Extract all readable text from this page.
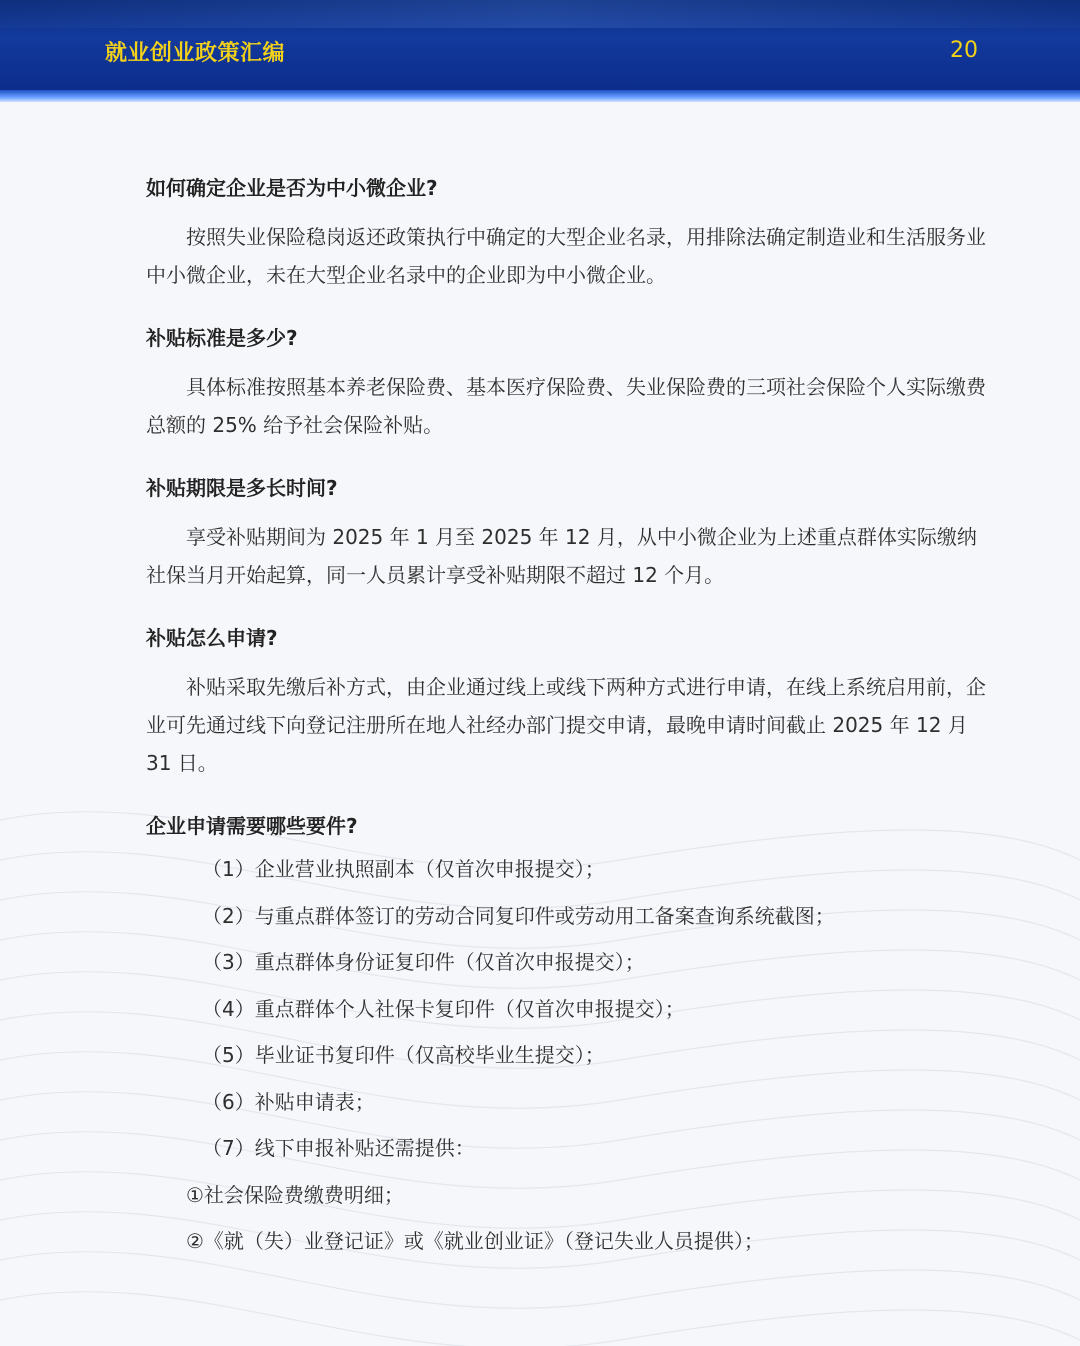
就业创业政策汇编	20
如何确定企业是否为中小微企业?

按照失业保险稳岗返还政策执行中确定的大型企业名录，用排除法确定制造业和生活服务业中小微企业，未在大型企业名录中的企业即为中小微企业。

补贴标准是多少?

具体标准按照基本养老保险费、基本医疗保险费、失业保险费的三项社会保险个人实际缴费总额的 25% 给予社会保险补贴。

补贴期限是多长时间?

享受补贴期间为 2025 年 1 月至 2025 年 12 月，从中小微企业为上述重点群体实际缴纳社保当月开始起算，同一人员累计享受补贴期限不超过 12 个月。

补贴怎么申请?

补贴采取先缴后补方式，由企业通过线上或线下两种方式进行申请，在线上系统启用前，企业可先通过线下向登记注册所在地人社经办部门提交申请，最晚申请时间截止 2025 年 12 月 31 日。

企业申请需要哪些要件?
（1）企业营业执照副本（仅首次申报提交）；
（2）与重点群体签订的劳动合同复印件或劳动用工备案查询系统截图；
（3）重点群体身份证复印件（仅首次申报提交）；
（4）重点群体个人社保卡复印件（仅首次申报提交）；
（5）毕业证书复印件（仅高校毕业生提交）；
（6）补贴申请表；
（7）线下申报补贴还需提供：
①社会保险费缴费明细；
②《就（失）业登记证》或《就业创业证》（登记失业人员提供）；
